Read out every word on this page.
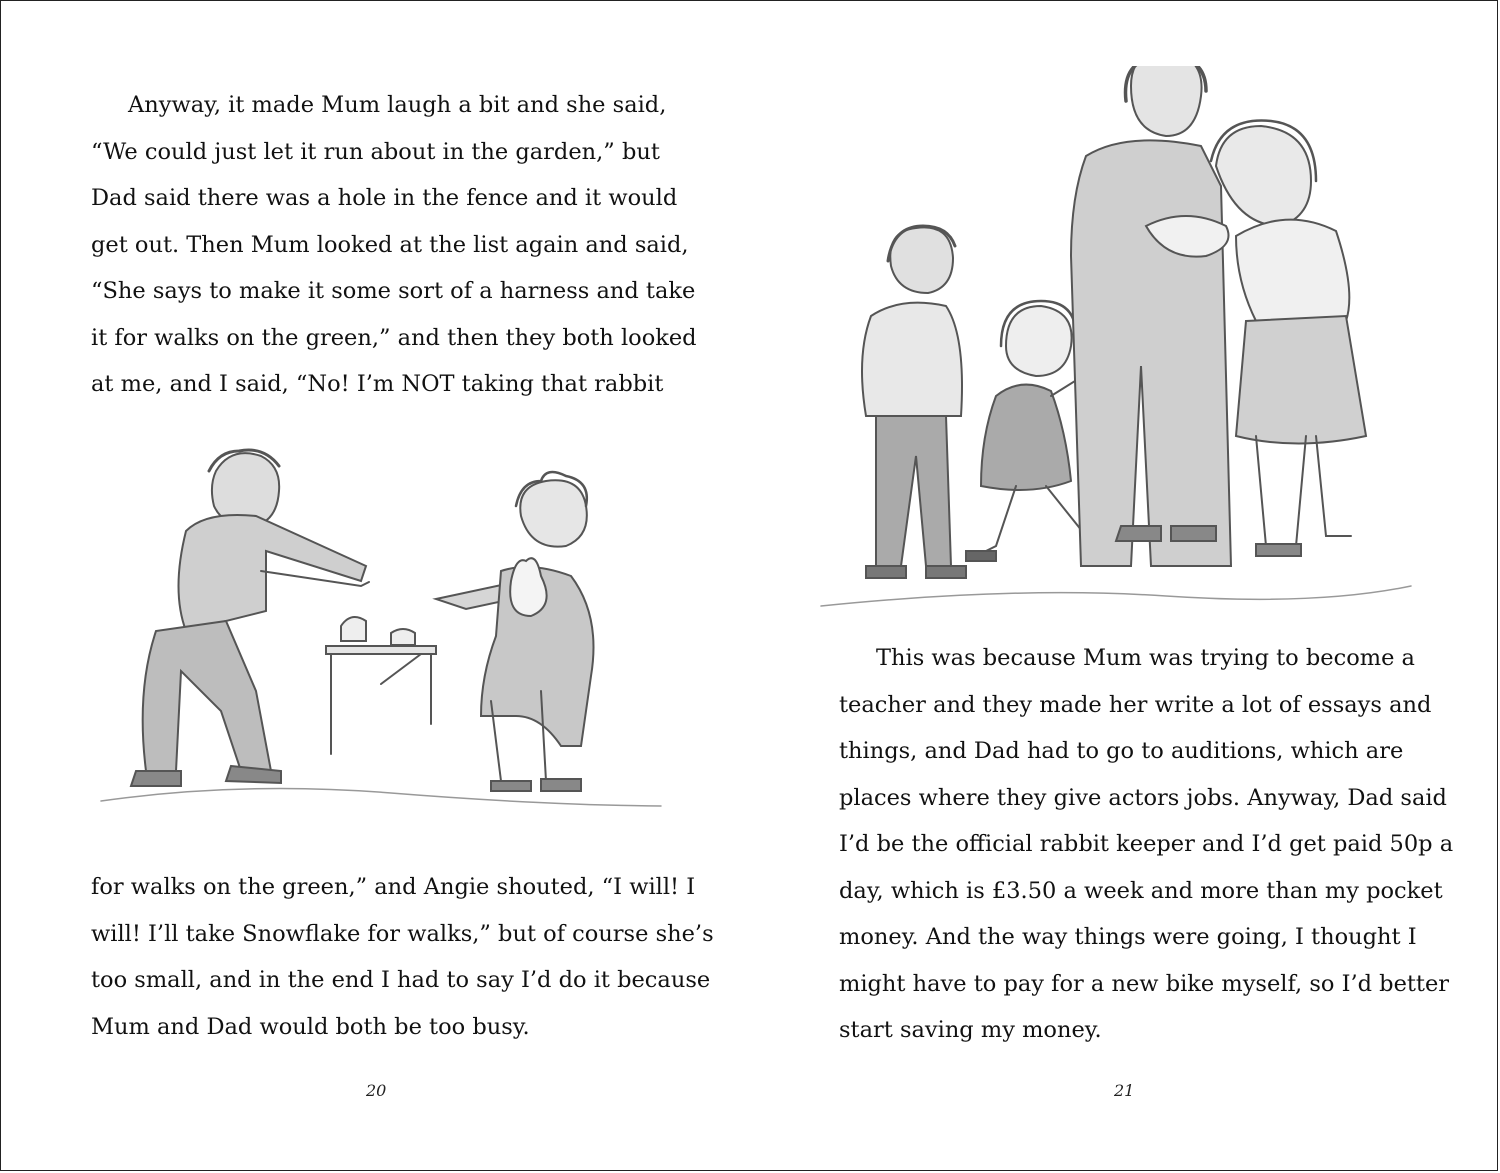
Anyway, it made Mum laugh a bit and she said,
“We could just let it run about in the garden,” but
Dad said there was a hole in the fence and it would
get out. Then Mum looked at the list again and said,
“She says to make it some sort of a harness and take
it for walks on the green,” and then they both looked
at me, and I said, “No! I’m NOT taking that rabbit
for walks on the green,” and Angie shouted, “I will! I
will! I’ll take Snowflake for walks,” but of course she’s
too small, and in the end I had to say I’d do it because
Mum and Dad would both be too busy.
20
This was because Mum was trying to become a
teacher and they made her write a lot of essays and
things, and Dad had to go to auditions, which are
places where they give actors jobs. Anyway, Dad said
I’d be the official rabbit keeper and I’d get paid 50p a
day, which is £3.50 a week and more than my pocket
money. And the way things were going, I thought I
might have to pay for a new bike myself, so I’d better
start saving my money.
21
